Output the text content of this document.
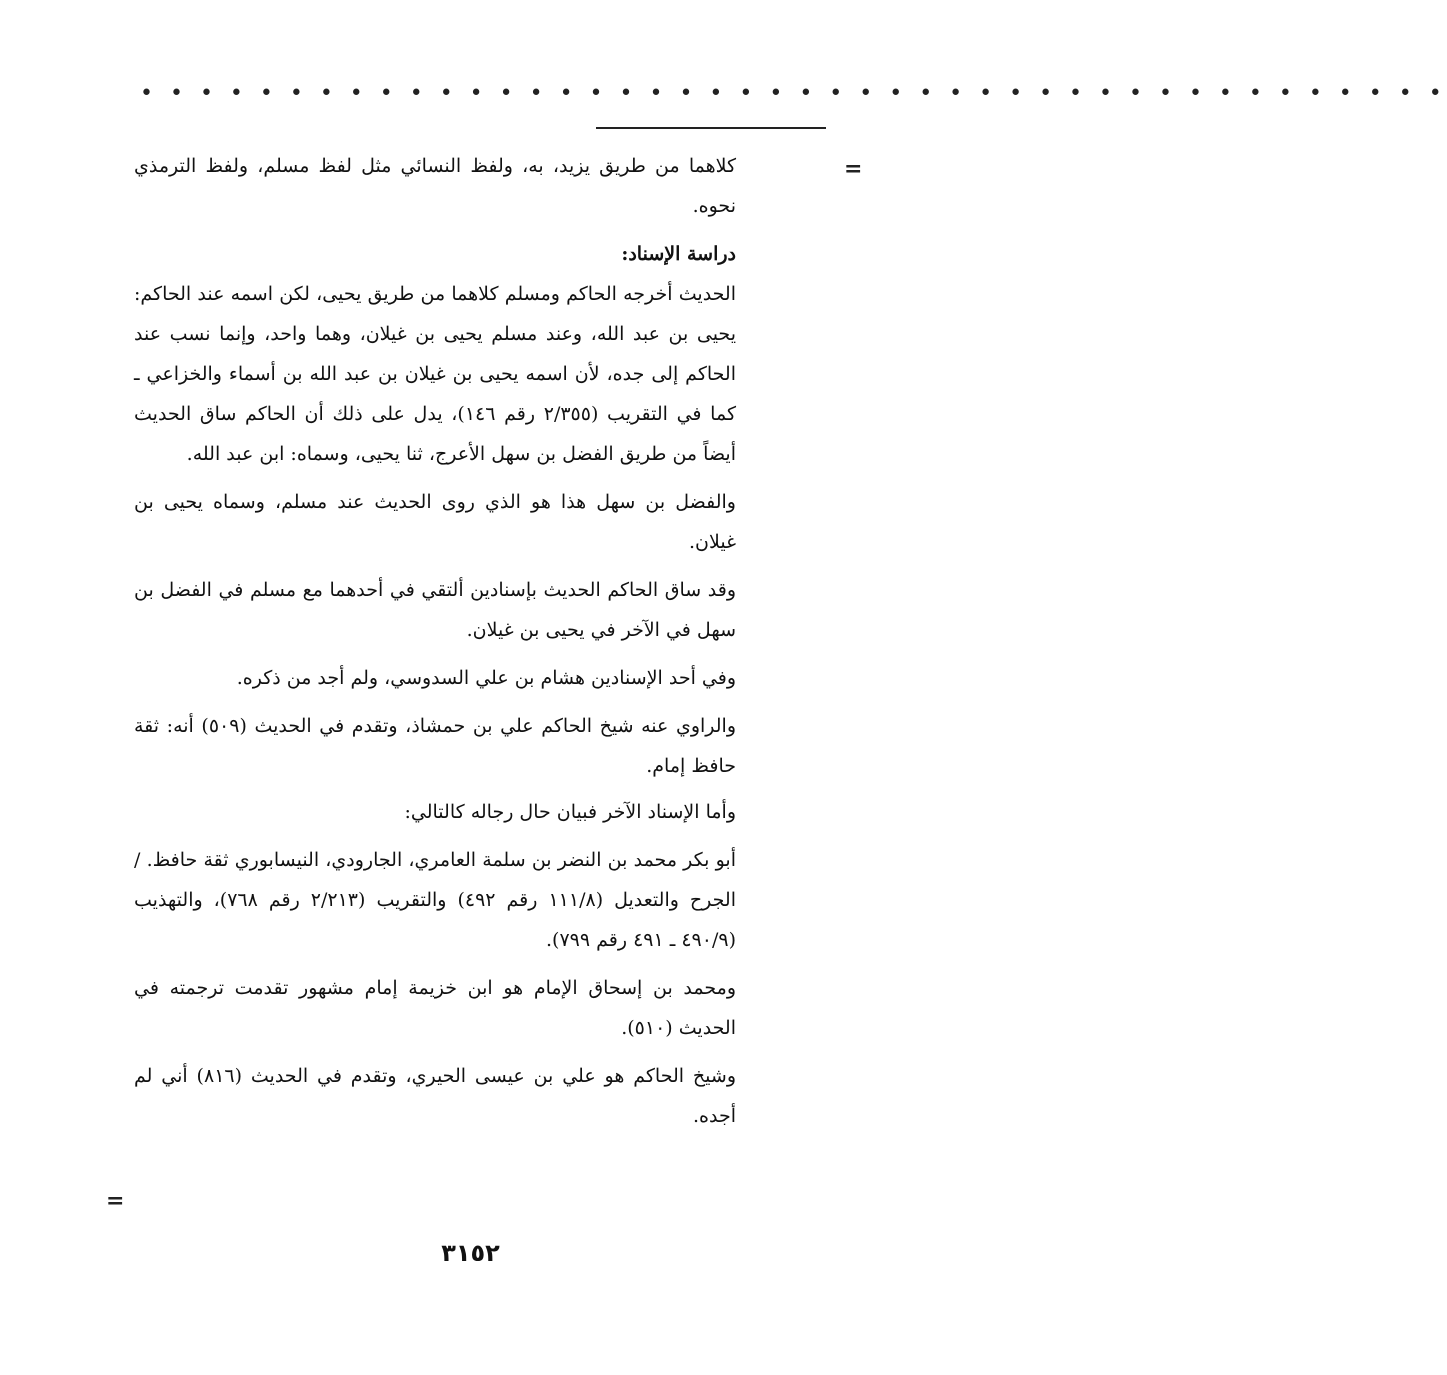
• • • • • • • • • • • • • • • • • • • • • • • • • • • • • • • • • • • • • • • • • • • •
=

كلاهما من طريق يزيد، به، ولفظ النسائي مثل لفظ مسلم، ولفظ الترمذي نحوه.

دراسة الإسناد:

الحديث أخرجه الحاكم ومسلم كلاهما من طريق يحيى، لكن اسمه عند الحاكم: يحيى بن عبد الله، وعند مسلم يحيى بن غيلان، وهما واحد، وإنما نسب عند الحاكم إلى جده، لأن اسمه يحيى بن غيلان بن عبد الله بن أسماء والخزاعي ـ كما في التقريب (٢/٣٥٥ رقم ١٤٦)، يدل على ذلك أن الحاكم ساق الحديث أيضاً من طريق الفضل بن سهل الأعرج، ثنا يحيى، وسماه: ابن عبد الله.

والفضل بن سهل هذا هو الذي روى الحديث عند مسلم، وسماه يحيى بن غيلان.

وقد ساق الحاكم الحديث بإسنادين ألتقي في أحدهما مع مسلم في الفضل بن سهل في الآخر في يحيى بن غيلان.

وفي أحد الإسنادين هشام بن علي السدوسي، ولم أجد من ذكره.

والراوي عنه شيخ الحاكم علي بن حمشاذ، وتقدم في الحديث (٥٠٩) أنه: ثقة حافظ إمام.

وأما الإسناد الآخر فبيان حال رجاله كالتالي:

أبو بكر محمد بن النضر بن سلمة العامري، الجارودي، النيسابوري ثقة حافظ. / الجرح والتعديل (١١١/٨ رقم ٤٩٢) والتقريب (٢/٢١٣ رقم ٧٦٨)، والتهذيب (٤٩٠/٩ ـ ٤٩١ رقم ٧٩٩).

ومحمد بن إسحاق الإمام هو ابن خزيمة إمام مشهور تقدمت ترجمته في الحديث (٥١٠).

وشيخ الحاكم هو علي بن عيسى الحيري، وتقدم في الحديث (٨١٦) أني لم أجده.

=
٣١٥٢
